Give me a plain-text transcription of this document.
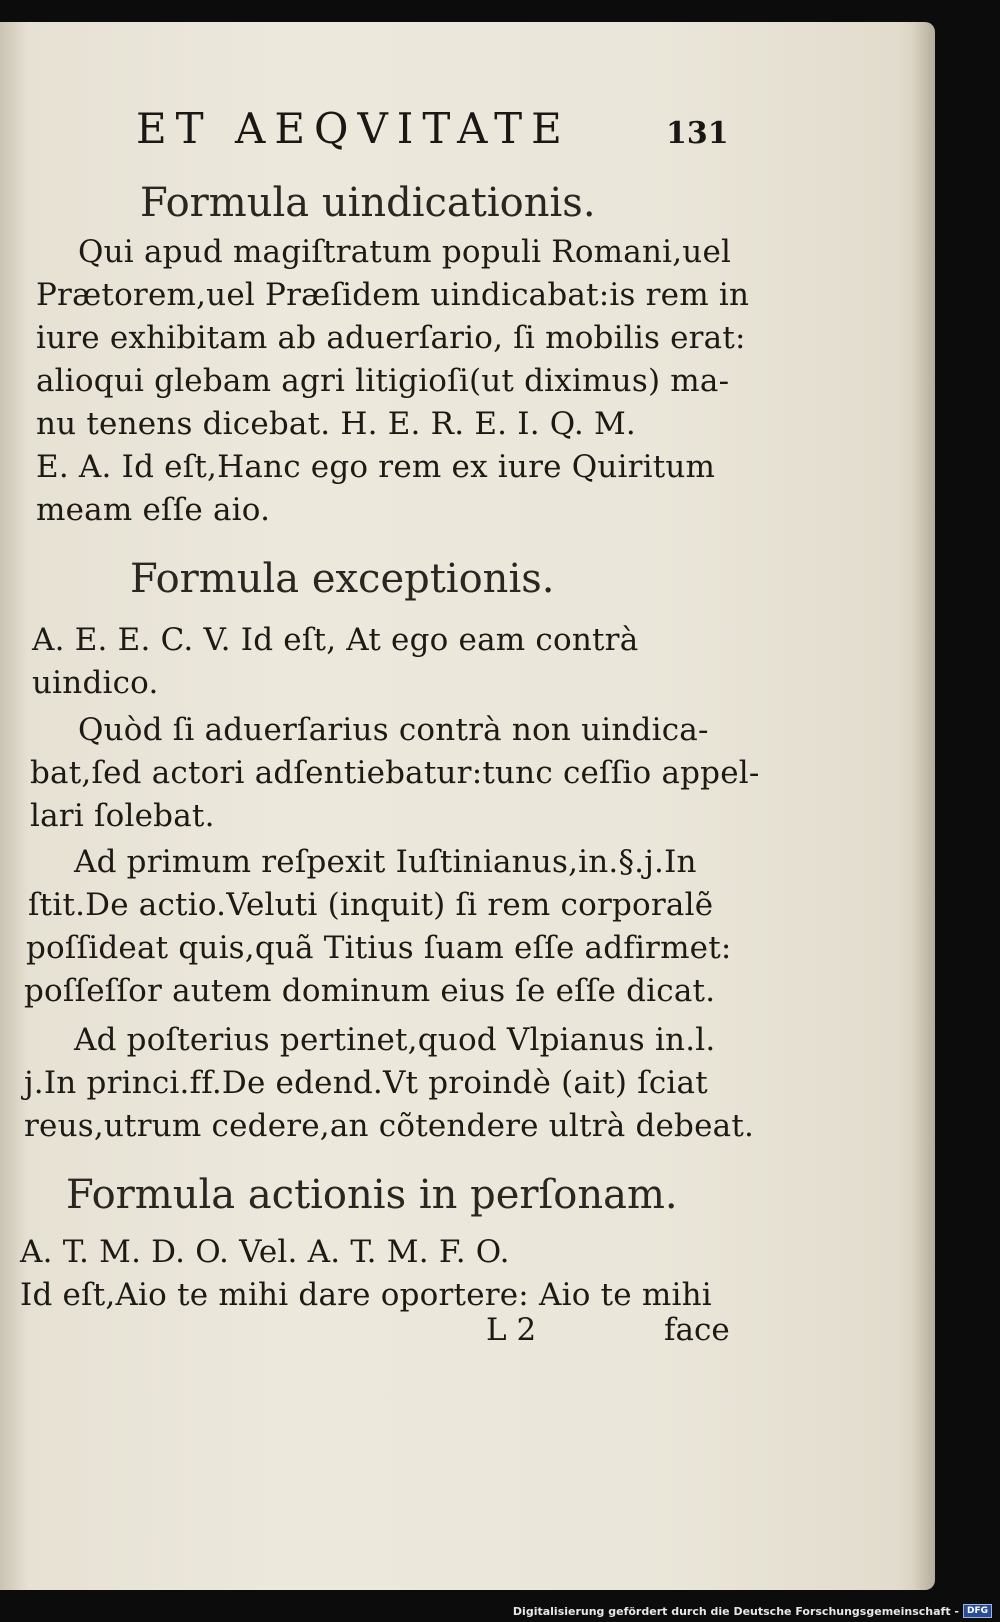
ET AEQVITATE	131
Formula uindicationis.
Qui apud magiſtratum populi Romani,uel
Prætorem,uel Præſidem uindicabat:is rem in
iure exhibitam ab aduerſario, ſi mobilis erat:
alioqui glebam agri litigioſi(ut diximus) ma-
nu tenens dicebat. H. E. R. E. I. Q. M.
E. A. Id eſt,Hanc ego rem ex iure Quiritum
meam eſſe aio.
Formula exceptionis.
A. E. E. C. V. Id eſt, At ego eam contrà
uindico.
Quòd ſi aduerſarius contrà non uindica-
bat,ſed actori adſentiebatur:tunc ceſſio appel-
lari ſolebat.
Ad primum reſpexit Iuſtinianus,in.§.j.In
ſtit.De actio.Veluti (inquit) ſi rem corporalẽ
poſſideat quis,quã Titius ſuam eſſe adfirmet:
poſſeſſor autem dominum eius ſe eſſe dicat.
Ad poſterius pertinet,quod Vlpianus in.l.
j.In princi.ff.De edend.Vt proindè (ait) ſciat
reus,utrum cedere,an cõtendere ultrà debeat.
Formula actionis in perſonam.
A. T. M. D. O. Vel. A. T. M. F. O.
Id eſt,Aio te mihi dare oportere: Aio te mihi
L 2	face
Digitalisierung gefördert durch die Deutsche Forschungsgemeinschaft - DFG
